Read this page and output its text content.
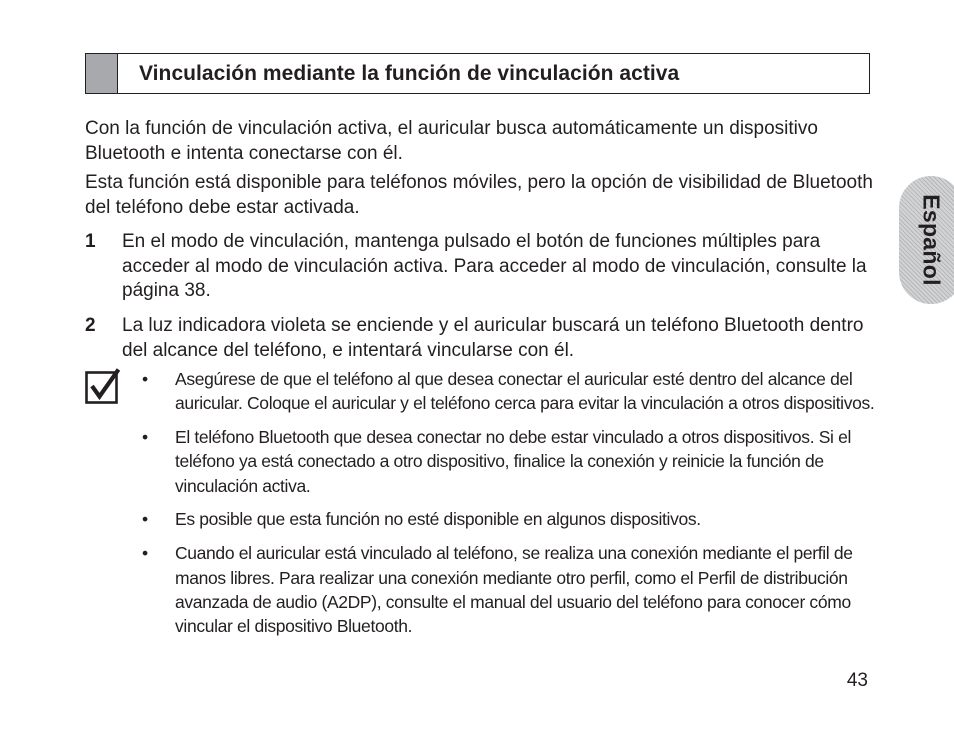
Vinculación mediante la función de vinculación activa

Con la función de vinculación activa, el auricular busca automáticamente un dispositivo Bluetooth e intenta conectarse con él.

Esta función está disponible para teléfonos móviles, pero la opción de visibilidad de Bluetooth del teléfono debe estar activada.

1 En el modo de vinculación, mantenga pulsado el botón de funciones múltiples para acceder al modo de vinculación activa. Para acceder al modo de vinculación, consulte la página 38.

2 La luz indicadora violeta se enciende y el auricular buscará un teléfono Bluetooth dentro del alcance del teléfono, e intentará vincularse con él.

• Asegúrese de que el teléfono al que desea conectar el auricular esté dentro del alcance del auricular. Coloque el auricular y el teléfono cerca para evitar la vinculación a otros dispositivos.
• El teléfono Bluetooth que desea conectar no debe estar vinculado a otros dispositivos. Si el teléfono ya está conectado a otro dispositivo, finalice la conexión y reinicie la función de vinculación activa.
• Es posible que esta función no esté disponible en algunos dispositivos.
• Cuando el auricular está vinculado al teléfono, se realiza una conexión mediante el perfil de manos libres. Para realizar una conexión mediante otro perfil, como el Perfil de distribución avanzada de audio (A2DP), consulte el manual del usuario del teléfono para conocer cómo vincular el dispositivo Bluetooth.
Español
43
